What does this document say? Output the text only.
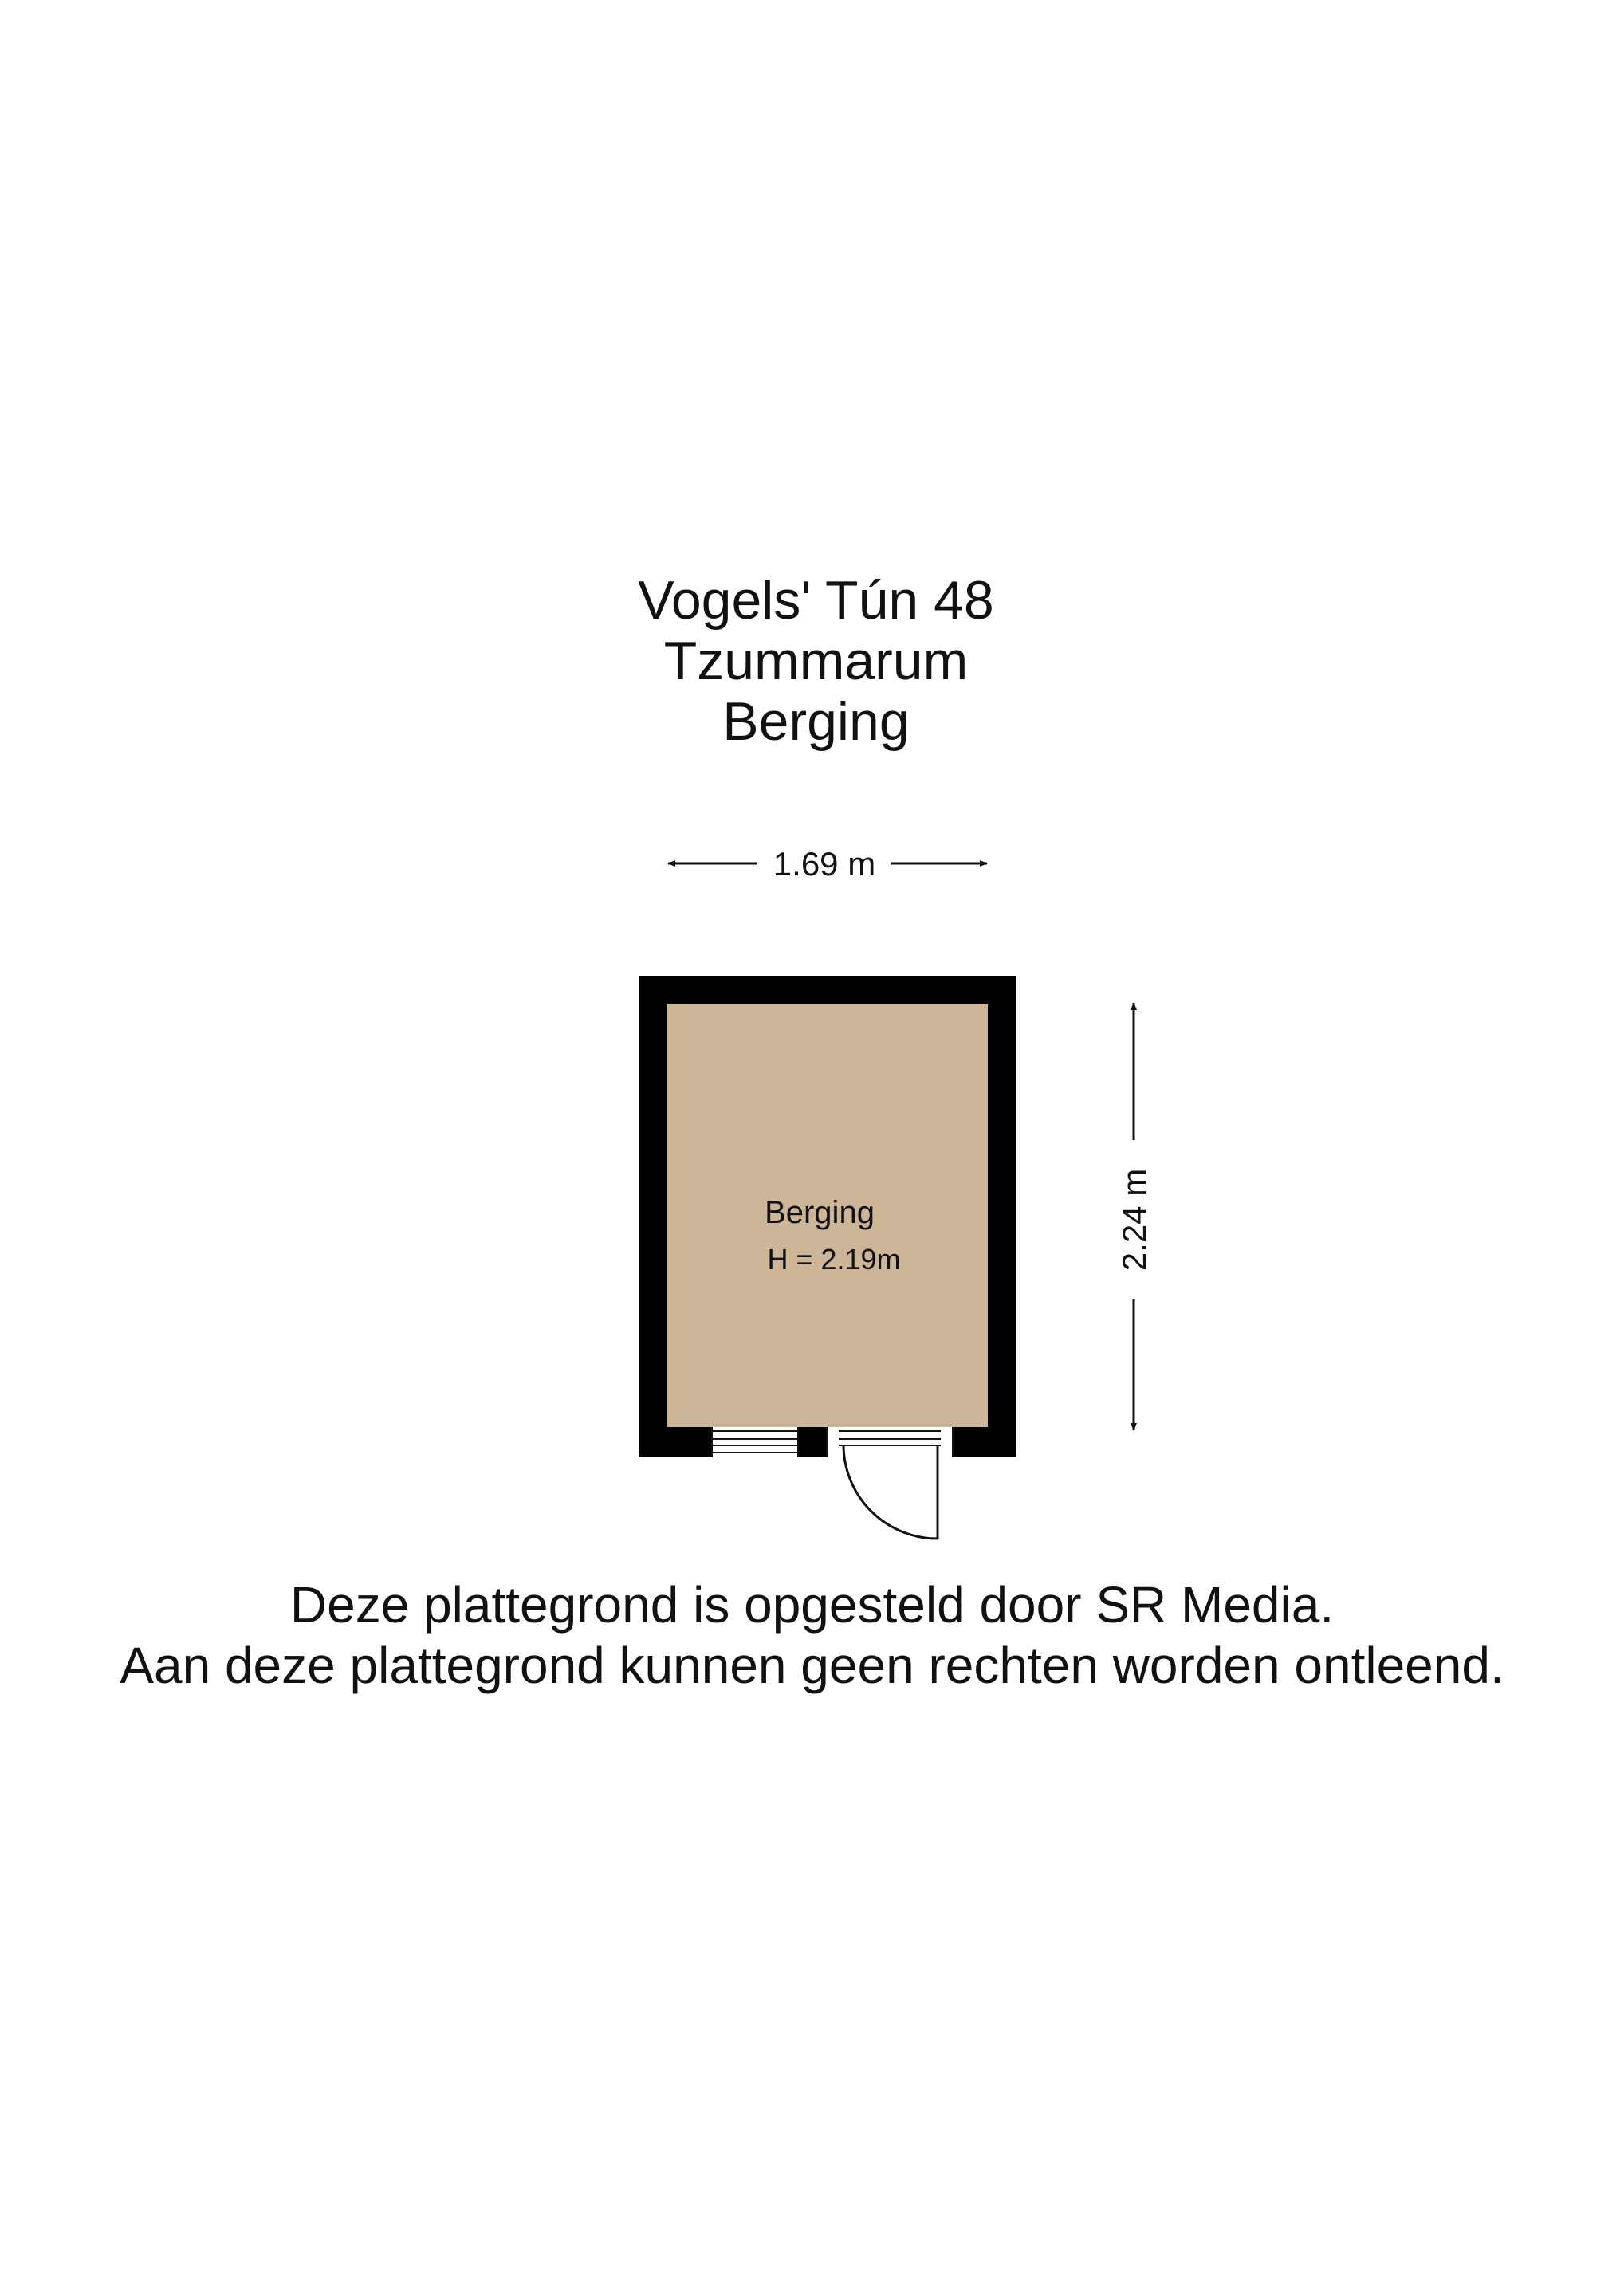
Vogels' Tún 48
Tzummarum
Berging
1.69 m
2.24 m
Berging
H = 2.19m
Deze plattegrond is opgesteld door SR Media.
Aan deze plattegrond kunnen geen rechten worden ontleend.
